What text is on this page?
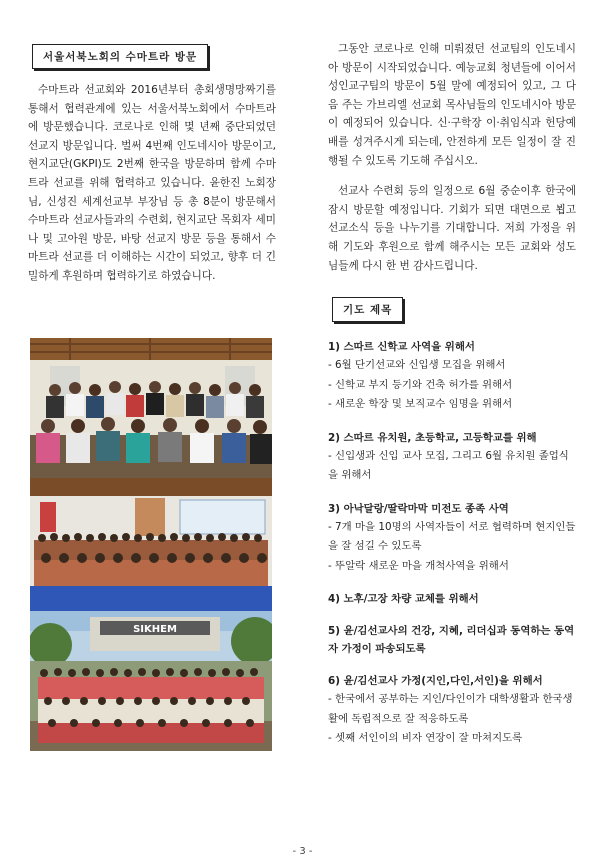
서울서북노회의 수마트라 방문

수마트라 선교회와 2016년부터 총회생명망짜기를 통해서 협력관계에 있는 서울서북노회에서 수마트라에 방문했습니다. 코로나로 인해 몇 년째 중단되었던 선교지 방문입니다. 벌써 4번째 인도네시아 방문이고, 현지교단(GKPI)도 2번째 한국을 방문하며 함께 수마트라 선교를 위해 협력하고 있습니다. 윤한진 노회장님, 신성진 세계선교부 부장님 등 총 8분이 방문해서 수마트라 선교사들과의 수련회, 현지교단 목회자 세미나 및 고아원 방문, 바탕 선교지 방문 등을 통해서 수마트라 선교를 더 이해하는 시간이 되었고, 향후 더 긴밀하게 후원하며 협력하기로 하였습니다.

SIKHEM

그동안 코로나로 인해 미뤄졌던 선교팀의 인도네시아 방문이 시작되었습니다. 예능교회 청년들에 이어서 성인교구팀의 방문이 5월 말에 예정되어 있고, 그 다음 주는 가브리엘 선교회 목사님들의 인도네시아 방문이 예정되어 있습니다. 신·구학장 이·취임식과 헌당예배를 성겨주시게 되는데, 안전하게 모든 일정이 잘 진행될 수 있도록 기도해 주십시오.

선교사 수련회 등의 일정으로 6월 중순이후 한국에 잠시 방문할 예정입니다. 기회가 되면 대면으로 뵙고 선교소식 등을 나누기를 기대합니다. 저희 가정을 위해 기도와 후원으로 함께 해주시는 모든 교회와 성도님들께 다시 한 번 감사드립니다.

기도 제목

1) 스따르 신학교 사역을 위해서

- 6월 단기선교와 신입생 모집을 위해서

- 신학교 부지 등기와 건축 허가를 위해서

- 새로운 학장 및 보직교수 임명을 위해서

2) 스따르 유치원, 초등학교, 고등학교를 위해

- 신입생과 신입 교사 모집, 그리고 6월 유치원 졸업식을 위해서

3) 아낙달랑/딸락마막 미전도 종족 사역

- 7개 마을 10명의 사역자들이 서로 협력하며 현지인들을 잘 섬길 수 있도록

- 뚜알락 새로운 마을 개척사역을 위해서

4) 노후/고장 차량 교체를 위해서

5) 윤/김선교사의 건강, 지혜, 리더십과 동역하는 동역자 가정이 파송되도록

6) 윤/김선교사 가정(지인,다인,서인)을 위해서

- 한국에서 공부하는 지인/다인이가 대학생활과 한국생활에 독립적으로 잘 적응하도록

- 셋째 서인이의 비자 연장이 잘 마쳐지도록

- 3 -
